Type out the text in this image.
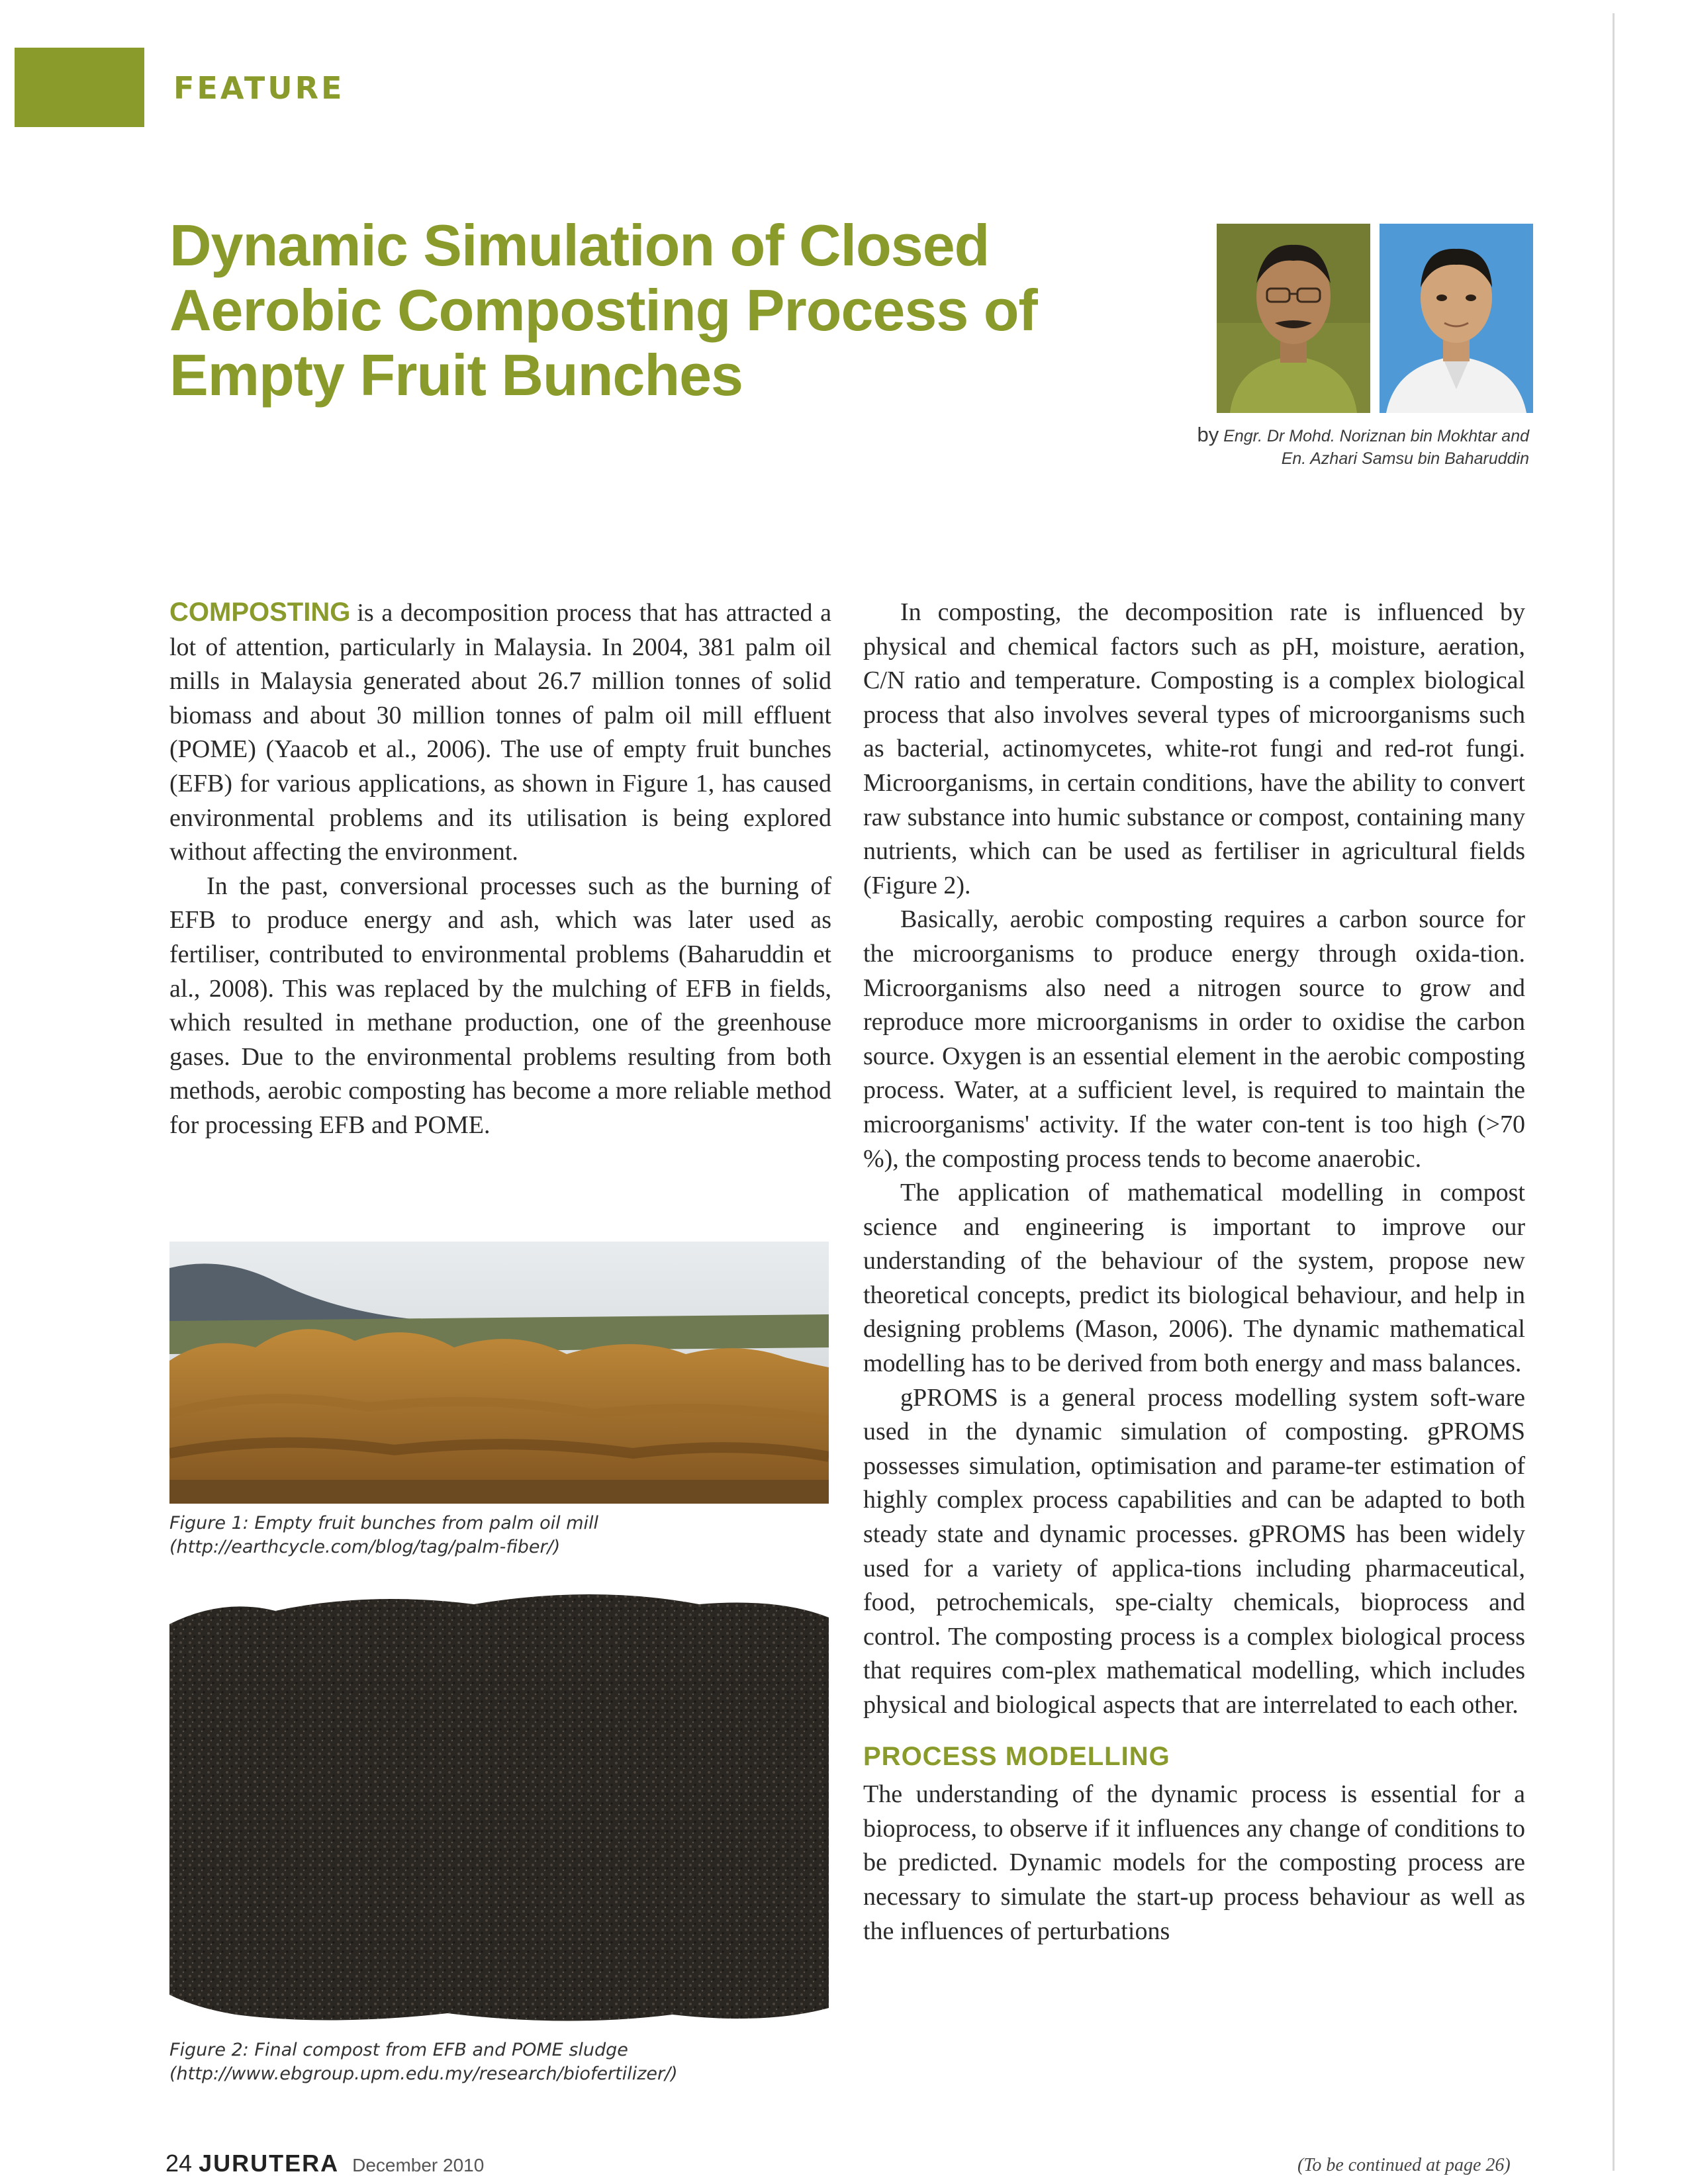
FEATURE
Dynamic Simulation of Closed Aerobic Composting Process of Empty Fruit Bunches
by Engr. Dr Mohd. Noriznan bin Mokhtar and
En. Azhari Samsu bin Baharuddin

COMPOSTING is a decomposition process that has attracted a lot of attention, particularly in Malaysia. In 2004, 381 palm oil mills in Malaysia generated about 26.7 million tonnes of solid biomass and about 30 million tonnes of palm oil mill effluent (POME) (Yaacob et al., 2006). The use of empty fruit bunches (EFB) for various applications, as shown in Figure 1, has caused environmental problems and its utilisation is being explored without affecting the environment.

In the past, conversional processes such as the burning of EFB to produce energy and ash, which was later used as fertiliser, contributed to environmental problems (Baharuddin et al., 2008). This was replaced by the mulching of EFB in fields, which resulted in methane production, one of the greenhouse gases. Due to the environmental problems resulting from both methods, aerobic composting has become a more reliable method for processing EFB and POME.

Figure 1: Empty fruit bunches from palm oil mill
(http://earthcycle.com/blog/tag/palm-fiber/)
Figure 2: Final compost from EFB and POME sludge
(http://www.ebgroup.upm.edu.my/research/biofertilizer/)

In composting, the decomposition rate is influenced by physical and chemical factors such as pH, moisture, aeration, C/N ratio and temperature. Composting is a complex biological process that also involves several types of microorganisms such as bacterial, actinomycetes, white-rot fungi and red-rot fungi. Microorganisms, in certain conditions, have the ability to convert raw substance into humic substance or compost, containing many nutrients, which can be used as fertiliser in agricultural fields (Figure 2).

Basically, aerobic composting requires a carbon source for the microorganisms to produce energy through oxida-tion. Microorganisms also need a nitrogen source to grow and reproduce more microorganisms in order to oxidise the carbon source. Oxygen is an essential element in the aerobic composting process. Water, at a sufficient level, is required to maintain the microorganisms' activity. If the water con-tent is too high (>70 %), the composting process tends to become anaerobic.

The application of mathematical modelling in compost science and engineering is important to improve our understanding of the behaviour of the system, propose new theoretical concepts, predict its biological behaviour, and help in designing problems (Mason, 2006). The dynamic mathematical modelling has to be derived from both energy and mass balances.

gPROMS is a general process modelling system soft-ware used in the dynamic simulation of composting. gPROMS possesses simulation, optimisation and parame-ter estimation of highly complex process capabilities and can be adapted to both steady state and dynamic processes. gPROMS has been widely used for a variety of applica-tions including pharmaceutical, food, petrochemicals, spe-cialty chemicals, bioprocess and control. The composting process is a complex biological process that requires com-plex mathematical modelling, which includes physical and biological aspects that are interrelated to each other.

PROCESS MODELLING

The understanding of the dynamic process is essential for a bioprocess, to observe if it influences any change of conditions to be predicted. Dynamic models for the composting process are necessary to simulate the start-up process behaviour as well as the influences of perturbations

24 JURUTERA December 2010	(To be continued at page 26)
